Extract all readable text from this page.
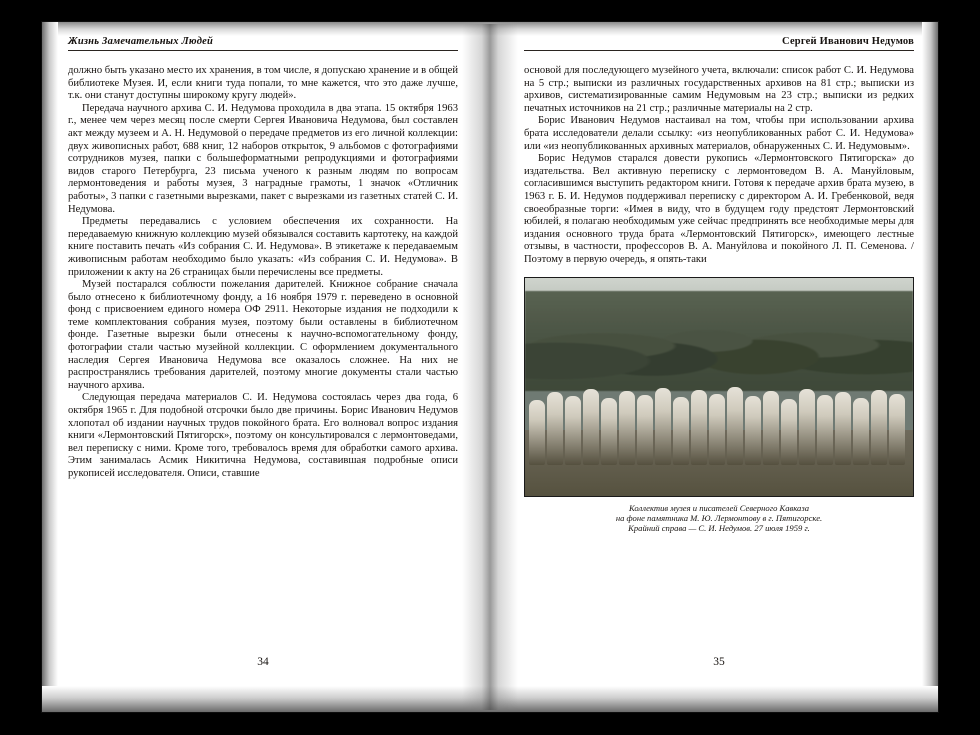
Жизнь Замечательных Людей

должно быть указано место их хранения, в том числе, я допускаю хранение и в общей библиотеке Музея. И, если книги туда попали, то мне кажется, что это даже лучше, т.к. они станут доступны широкому кругу людей».

Передача научного архива С. И. Недумова проходила в два этапа. 15 октября 1963 г., менее чем через месяц после смерти Сергея Ивановича Недумова, был составлен акт между музеем и А. Н. Недумовой о передаче предметов из его личной коллекции: двух живописных работ, 688 книг, 12 наборов открыток, 9 альбомов с фотографиями сотрудников музея, папки с большеформатными репродукциями и фотографиями видов старого Петербурга, 23 письма ученого к разным людям по вопросам лермонтоведения и работы музея, 3 наградные грамоты, 1 значок «Отличник работы», 3 папки с газетными вырезками, пакет с вырезками из газетных статей С. И. Недумова.

Предметы передавались с условием обеспечения их сохранности. На передаваемую книжную коллекцию музей обязывался составить картотеку, на каждой книге поставить печать «Из собрания С. И. Недумова». В этикетаже к передаваемым живописным работам необходимо было указать: «Из собрания С. И. Недумова». В приложении к акту на 26 страницах были перечислены все предметы.

Музей постарался соблюсти пожелания дарителей. Книжное собрание сначала было отнесено к библиотечному фонду, а 16 ноября 1979 г. переведено в основной фонд с присвоением единого номера ОФ 2911. Некоторые издания не подходили к теме комплектования собрания музея, поэтому были оставлены в библиотечном фонде. Газетные вырезки были отнесены к научно-вспомогательному фонду, фотографии стали частью музейной коллекции. С оформлением документального наследия Сергея Ивановича Недумова все оказалось сложнее. На них не распространялись требования дарителей, поэтому многие документы стали частью научного архива.

Следующая передача материалов С. И. Недумова состоялась через два года, 6 октября 1965 г. Для подобной отсрочки было две причины. Борис Иванович Недумов хлопотал об издании научных трудов покойного брата. Его волновал вопрос издания книги «Лермонтовский Пятигорск», поэтому он консультировался с лермонтоведами, вел переписку с ними. Кроме того, требовалось время для обработки самого архива. Этим занималась Асмик Никитична Недумова, составившая подробные описи рукописей исследователя. Описи, ставшие

34
Сергей Иванович Недумов

основой для последующего музейного учета, включали: список работ С. И. Недумова на 5 стр.; выписки из различных государственных архивов на 81 стр.; выписки из архивов, систематизированные самим Недумовым на 23 стр.; выписки из редких печатных источников на 21 стр.; различные материалы на 2 стр.

Борис Иванович Недумов настаивал на том, чтобы при использовании архива брата исследователи делали ссылку: «из неопубликованных работ С. И. Недумова» или «из неопубликованных архивных материалов, обнаруженных С. И. Недумовым».

Борис Недумов старался довести рукопись «Лермонтовского Пятигорска» до издательства. Вел активную переписку с лермонтоведом В. А. Мануйловым, согласившимся выступить редактором книги. Готовя к передаче архив брата музею, в 1963 г. Б. И. Недумов поддерживал переписку с директором А. И. Гребенковой, ведя своеобразные торги: «Имея в виду, что в будущем году предстоят Лермонтовский юбилей, я полагаю необходимым уже сейчас предпринять все необходимые меры для издания основного труда брата «Лермонтовский Пятигорск», имеющего лестные отзывы, в частности, профессоров В. А. Мануйлова и покойного Л. П. Семенова. / Поэтому в первую очередь, я опять-таки

Коллектив музея и писателей Северного Кавказа
на фоне памятника М. Ю. Лермонтову в г. Пятигорске.
Крайний справа — С. И. Недумов. 27 июля 1959 г.
35
